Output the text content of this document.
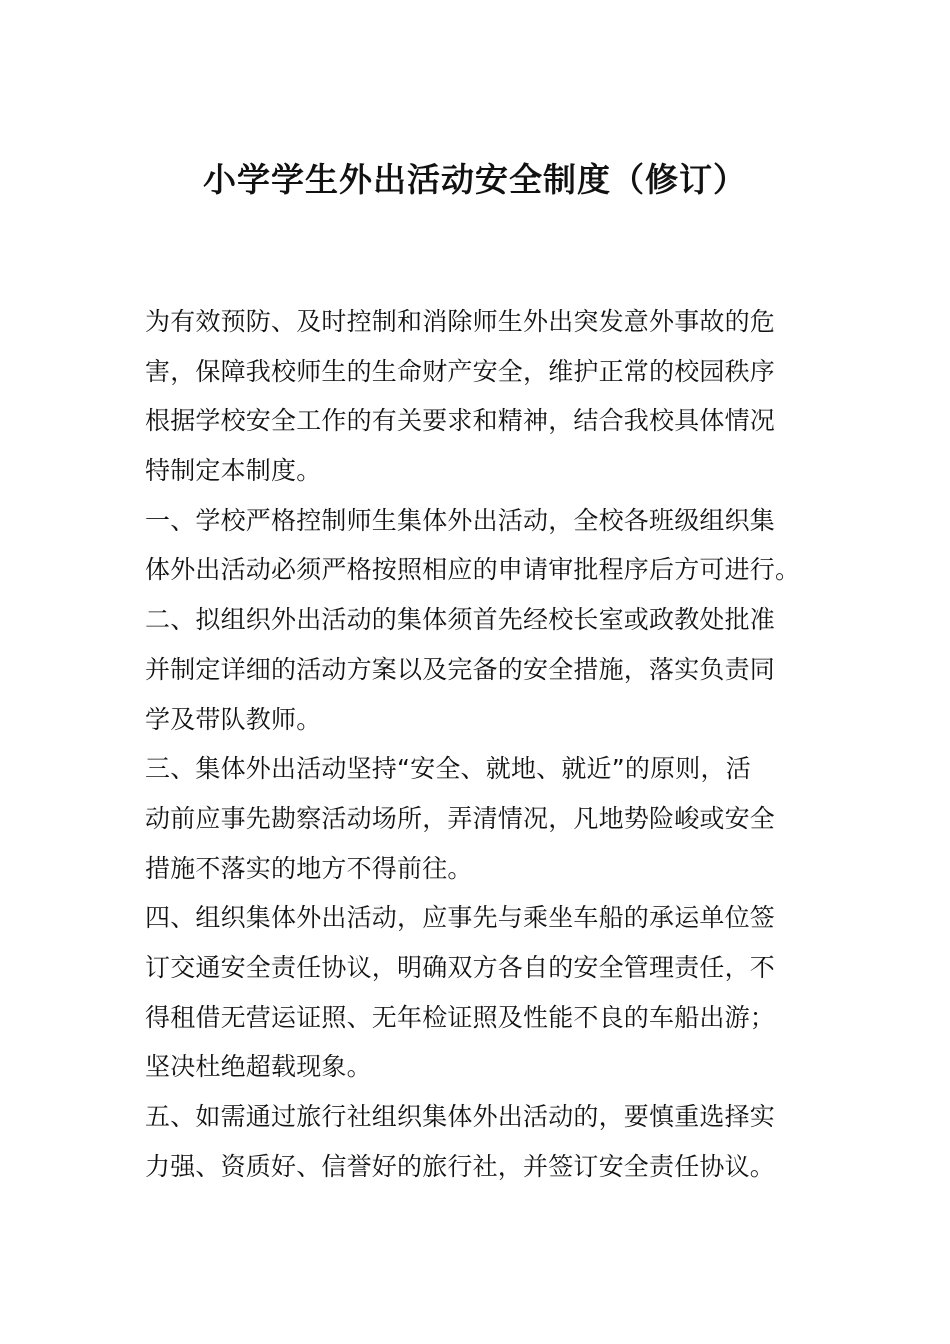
小学学生外出活动安全制度（修订）
为有效预防、及时控制和消除师生外出突发意外事故的危
害，保障我校师生的生命财产安全，维护正常的校园秩序
根据学校安全工作的有关要求和精神，结合我校具体情况
特制定本制度。
一、学校严格控制师生集体外出活动，全校各班级组织集
体外出活动必须严格按照相应的申请审批程序后方可进行。
二、拟组织外出活动的集体须首先经校长室或政教处批准
并制定详细的活动方案以及完备的安全措施，落实负责同
学及带队教师。
三、集体外出活动坚持“安全、就地、就近”的原则，活
动前应事先勘察活动场所，弄清情况，凡地势险峻或安全
措施不落实的地方不得前往。
四、组织集体外出活动，应事先与乘坐车船的承运单位签
订交通安全责任协议，明确双方各自的安全管理责任，不
得租借无营运证照、无年检证照及性能不良的车船出游；
坚决杜绝超载现象。
五、如需通过旅行社组织集体外出活动的，要慎重选择实
力强、资质好、信誉好的旅行社，并签订安全责任协议。
